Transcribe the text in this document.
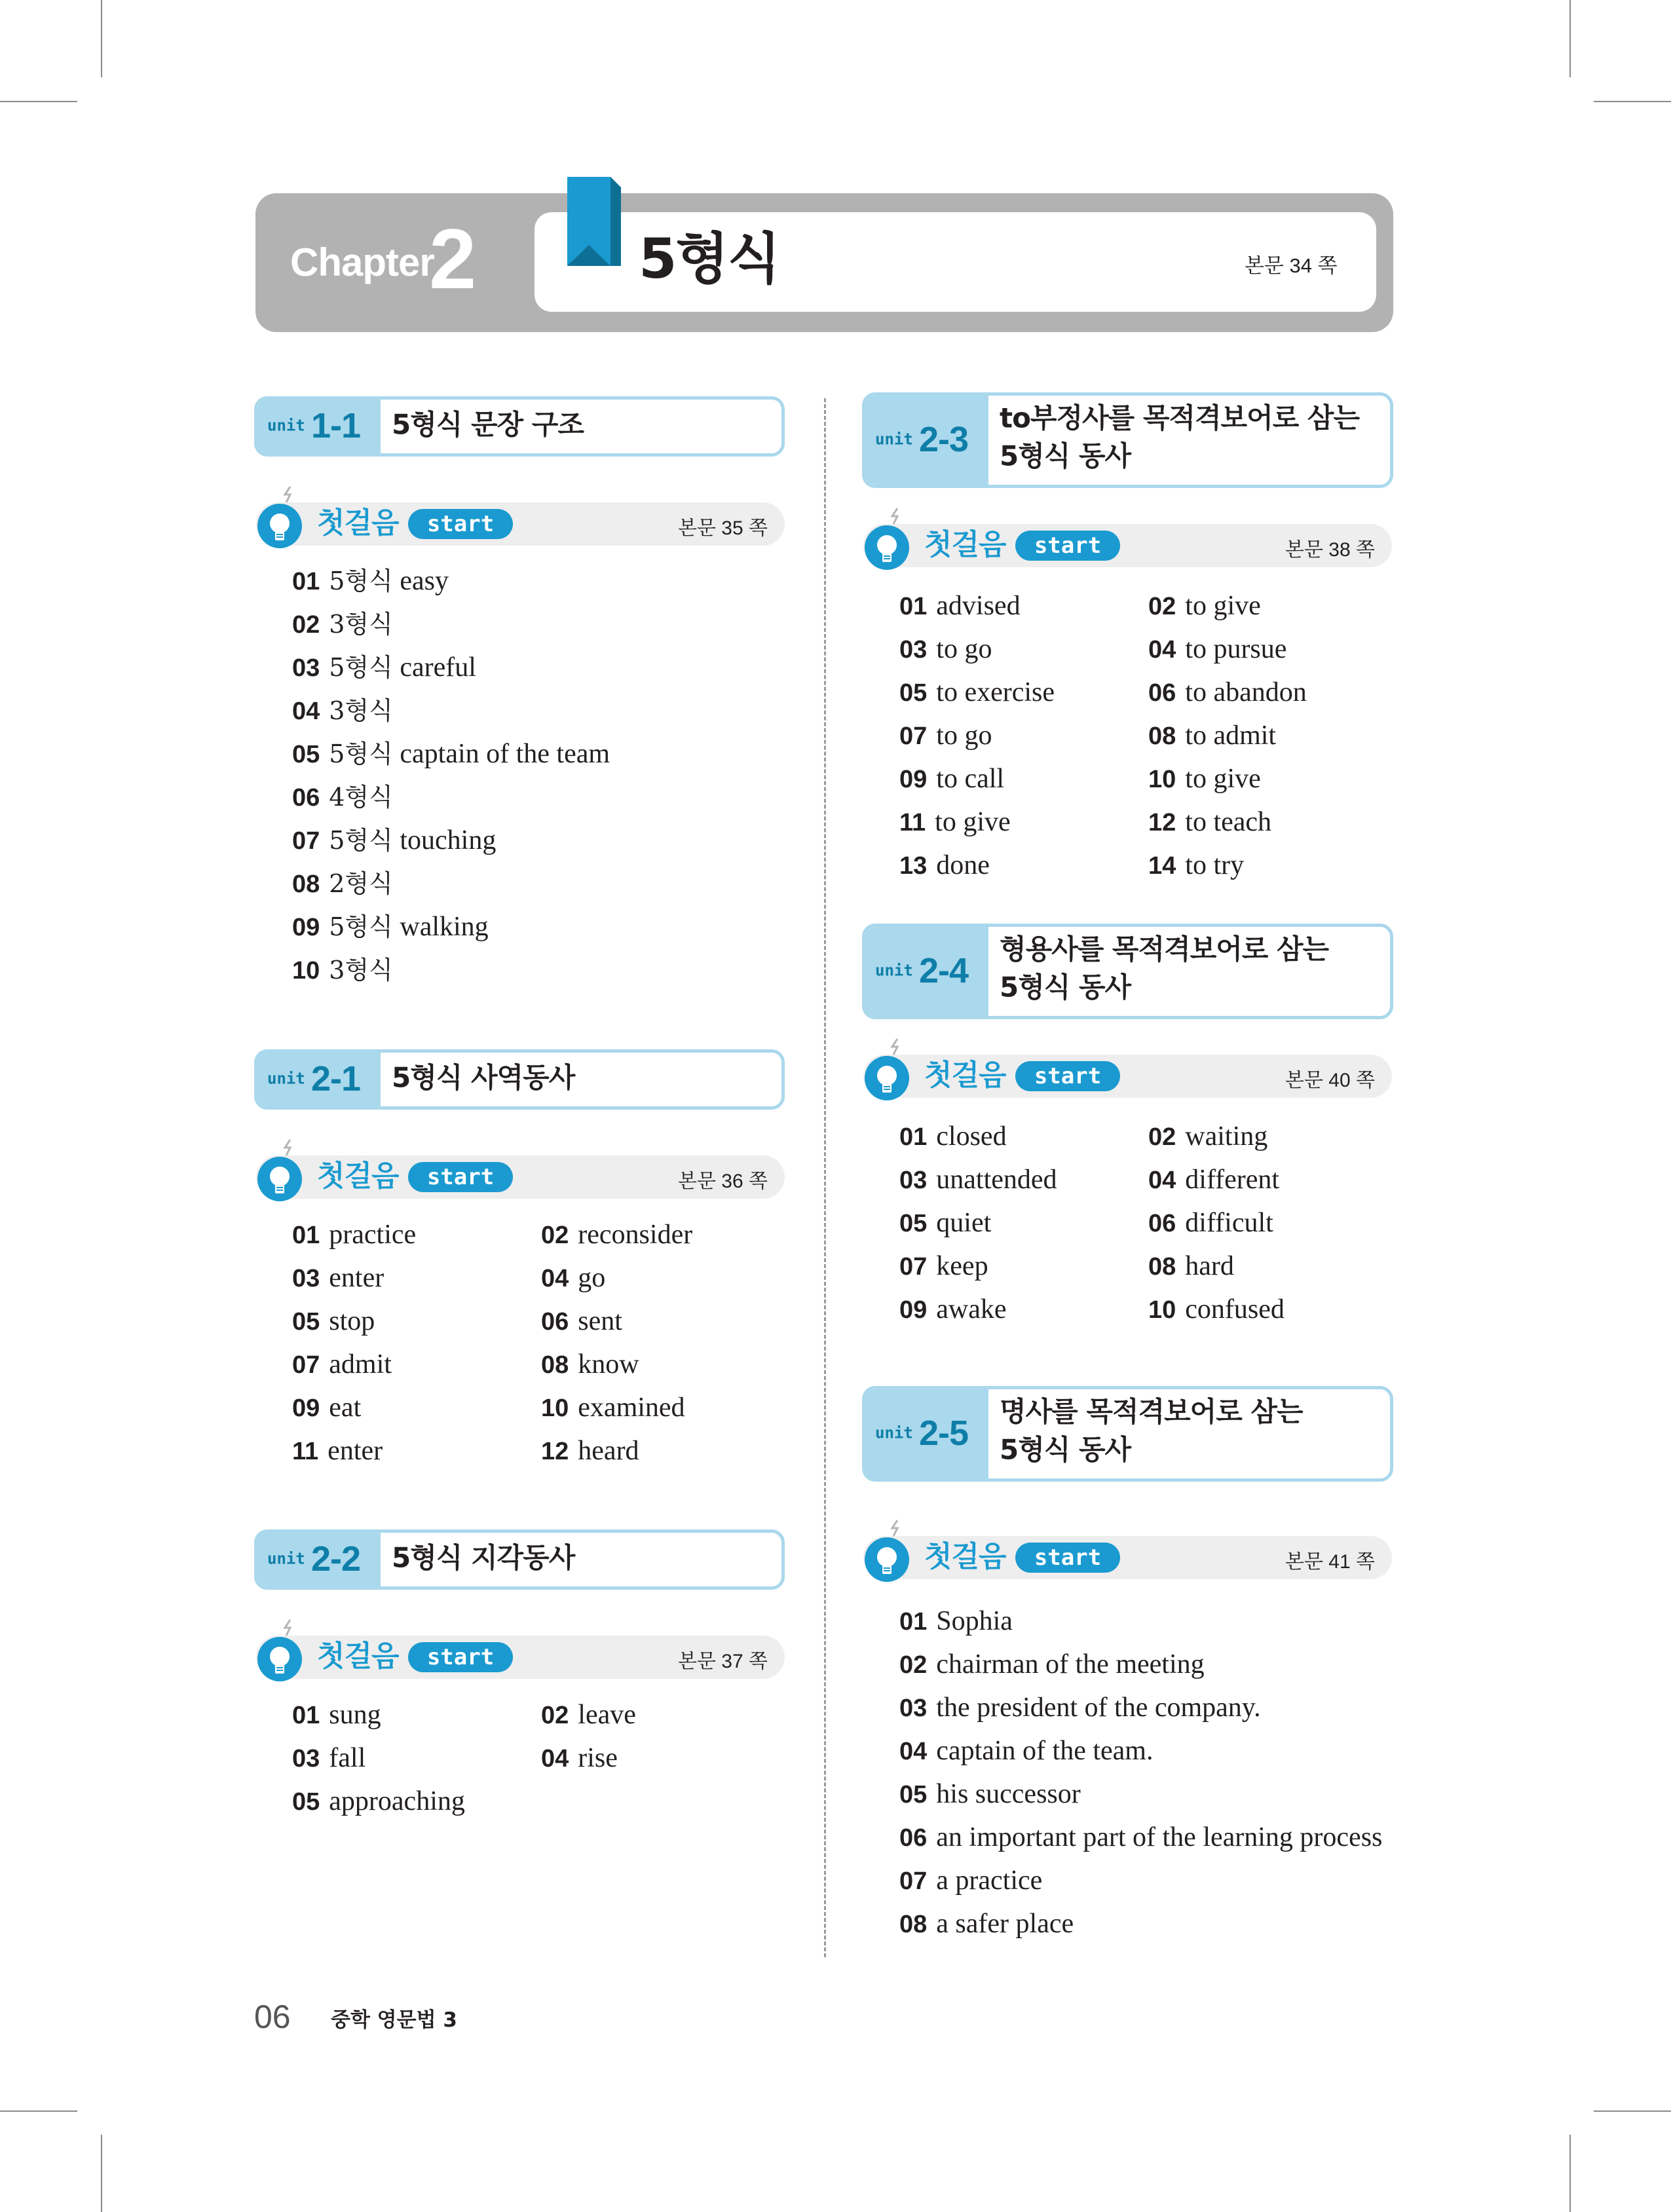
Chapter
2	5형식	본문 34 쪽
unit 1-1 5형식 문장 구조
첫걸음	start	본문 35 쪽
01 5형식 easy
02 3형식
03 5형식 careful
04 3형식
05 5형식 captain of the team
06 4형식
07 5형식 touching
08 2형식
09 5형식 walking
10 3형식
unit 2-1 5형식 사역동사
첫걸음	start	본문 36 쪽
01 practice	02 reconsider
03 enter	04 go
05 stop	06 sent
07 admit	08 know
09 eat	10 examined
11 enter	12 heard
unit 2-2 5형식 지각동사
첫걸음	start	본문 37 쪽
01 sung	02 leave
03 fall	04 rise
05 approaching
unit 2-3
to부정사를 목적격보어로 삼는
5형식 동사
첫걸음	start	본문 38 쪽
01 advised	02 to give
03 to go	04 to pursue
05 to exercise	06 to abandon
07 to go	08 to admit
09 to call	10 to give
11 to give	12 to teach
13 done	14 to try
unit 2-4
형용사를 목적격보어로 삼는
5형식 동사
첫걸음	start	본문 40 쪽
01 closed	02 waiting
03 unattended	04 different
05 quiet	06 difficult
07 keep	08 hard
09 awake	10 confused
unit 2-5
명사를 목적격보어로 삼는
5형식 동사
첫걸음	start	본문 41 쪽
01 Sophia
02 chairman of the meeting
03 the president of the company.
04 captain of the team.
05 his successor
06 an important part of the learning process
07 a practice
08 a safer place
06 중학 영문법 3
